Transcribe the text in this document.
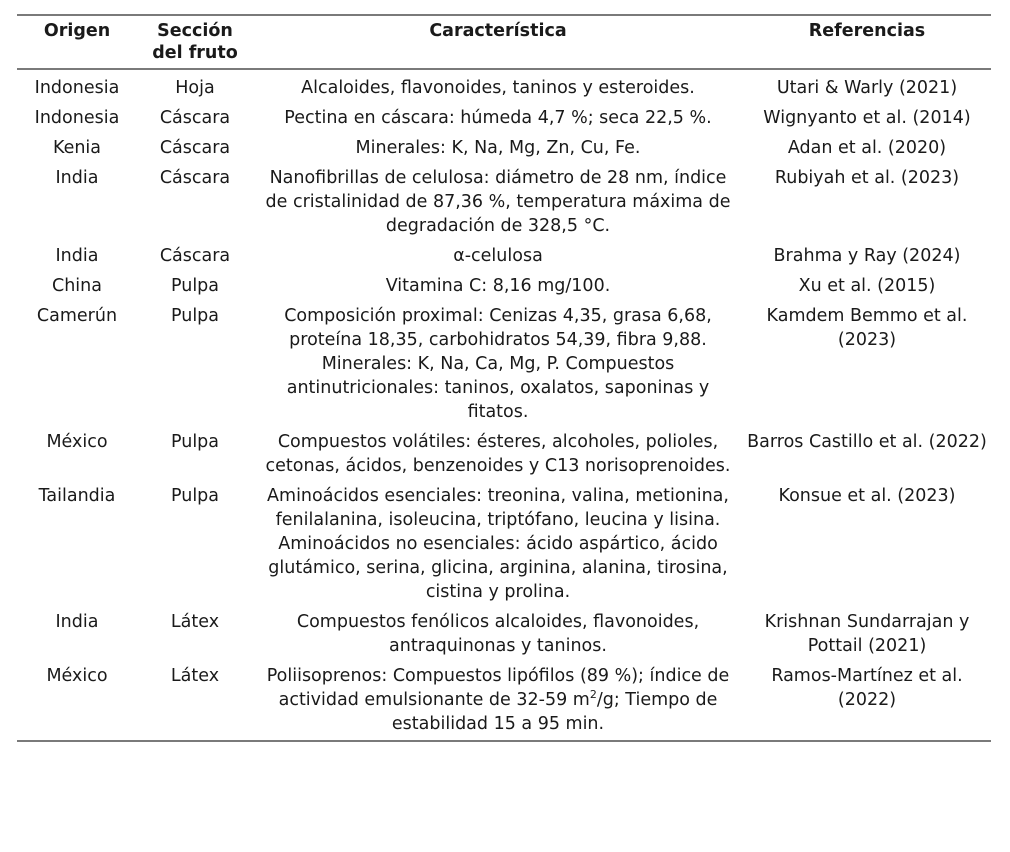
Origen	Sección del fruto	Característica	Referencias
Indonesia	Hoja	Alcaloides, flavonoides, taninos y esteroides.	Utari & Warly (2021)
Indonesia	Cáscara	Pectina en cáscara: húmeda 4,7 %; seca 22,5 %.	Wignyanto et al. (2014)
Kenia	Cáscara	Minerales: K, Na, Mg, Zn, Cu, Fe.	Adan et al. (2020)
India	Cáscara	Nanofibrillas de celulosa: diámetro de 28 nm, índice de cristalinidad de 87,36 %, temperatura máxima de degradación de 328,5 °C.	Rubiyah et al. (2023)
India	Cáscara	α-celulosa	Brahma y Ray (2024)
China	Pulpa	Vitamina C: 8,16 mg/100.	Xu et al. (2015)
Camerún	Pulpa	Composición proximal: Cenizas 4,35, grasa 6,68, proteína 18,35, carbohidratos 54,39, fibra 9,88. Minerales: K, Na, Ca, Mg, P. Compuestos antinutricionales: taninos, oxalatos, saponinas y fitatos.	Kamdem Bemmo et al. (2023)
México	Pulpa	Compuestos volátiles: ésteres, alcoholes, polioles, cetonas, ácidos, benzenoides y C13 norisoprenoides.	Barros Castillo et al. (2022)
Tailandia	Pulpa	Aminoácidos esenciales: treonina, valina, metionina, fenilalanina, isoleucina, triptófano, leucina y lisina. Aminoácidos no esenciales: ácido aspártico, ácido glutámico, serina, glicina, arginina, alanina, tirosina, cistina y prolina.	Konsue et al. (2023)
India	Látex	Compuestos fenólicos alcaloides, flavonoides, antraquinonas y taninos.	Krishnan Sundarrajan y Pottail (2021)
México	Látex	Poliisoprenos: Compuestos lipófilos (89 %); índice de actividad emulsionante de 32-59 $m^2/g$; Tiempo de estabilidad 15 a 95 min.	Ramos-Martínez et al. (2022)
